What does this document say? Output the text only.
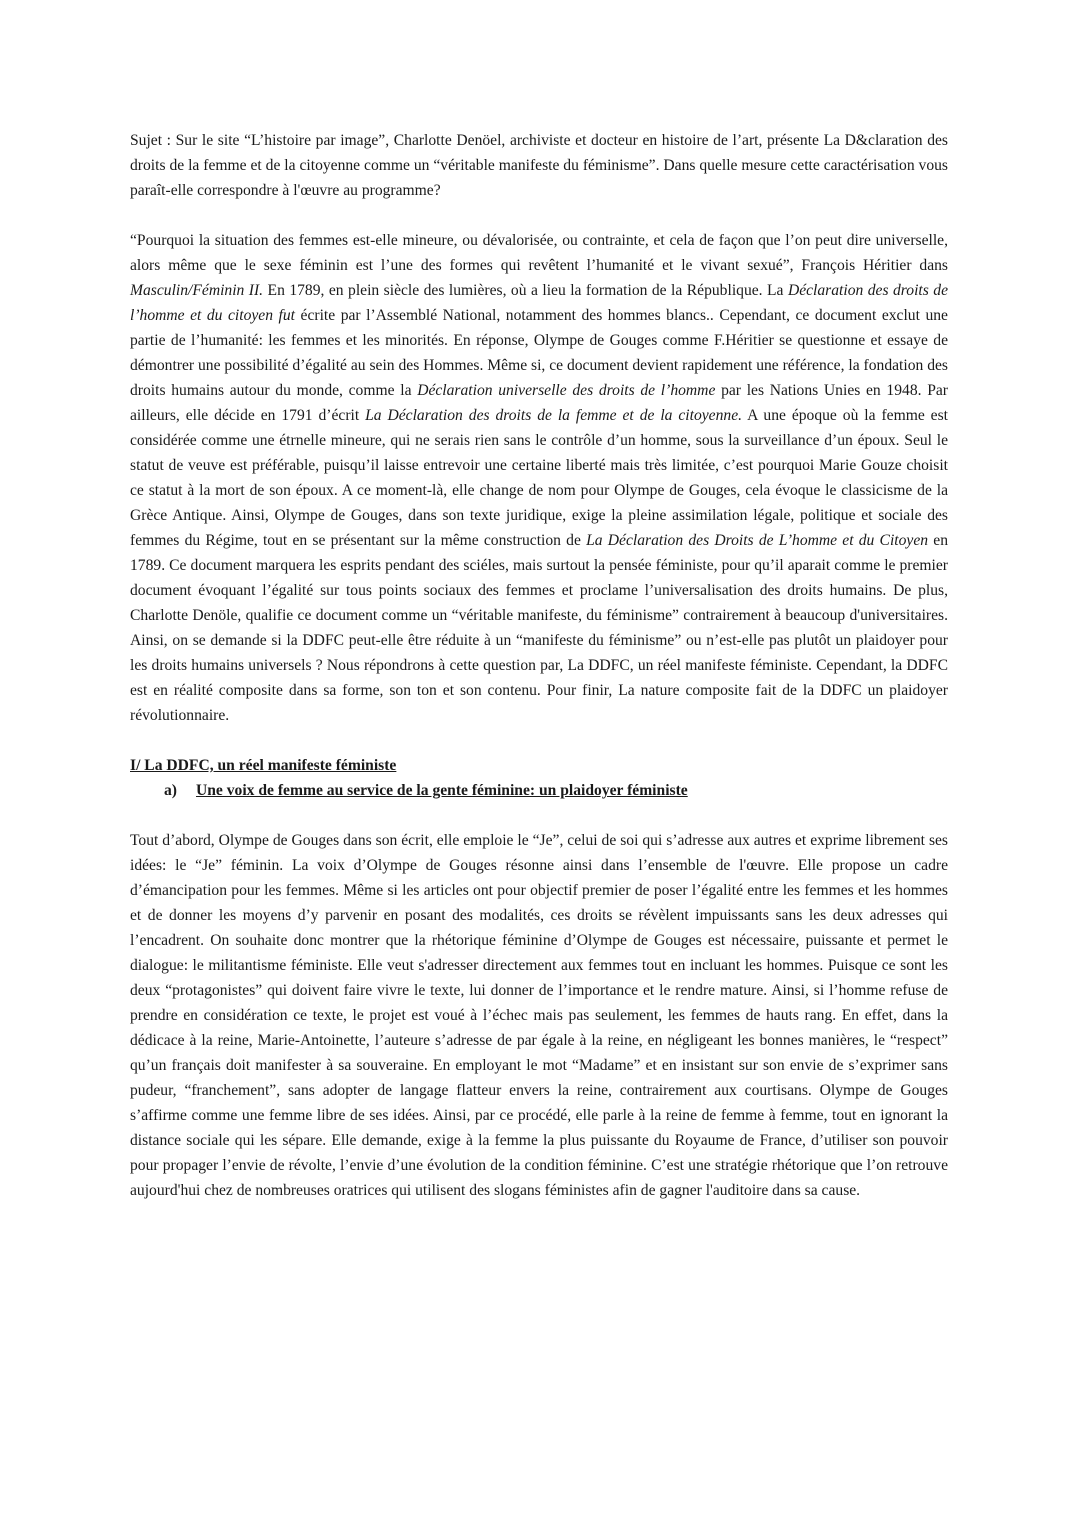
Sujet : Sur le site “L’histoire par image”, Charlotte Denöel, archiviste et docteur en histoire de l’art, présente La D&claration des droits de la femme et de la citoyenne comme un “véritable manifeste du féminisme”. Dans quelle mesure cette caractérisation vous paraît-elle correspondre à l'œuvre au programme?

“Pourquoi la situation des femmes est-elle mineure, ou dévalorisée, ou contrainte, et cela de façon que l’on peut dire universelle, alors même que le sexe féminin est l’une des formes qui revêtent l’humanité et le vivant sexué”, François Héritier dans Masculin/Féminin II. En 1789, en plein siècle des lumières, où a lieu la formation de la République. La Déclaration des droits de l’homme et du citoyen fut écrite par l’Assemblé National, notamment des hommes blancs.. Cependant, ce document exclut une partie de l’humanité: les femmes et les minorités. En réponse, Olympe de Gouges comme F.Héritier se questionne et essaye de démontrer une possibilité d’égalité au sein des Hommes. Même si, ce document devient rapidement une référence, la fondation des droits humains autour du monde, comme la Déclaration universelle des droits de l’homme par les Nations Unies en 1948. Par ailleurs, elle décide en 1791 d’écrit La Déclaration des droits de la femme et de la citoyenne. A une époque où la femme est considérée comme une étrnelle mineure, qui ne serais rien sans le contrôle d’un homme, sous la surveillance d’un époux. Seul le statut de veuve est préférable, puisqu’il laisse entrevoir une certaine liberté mais très limitée, c’est pourquoi Marie Gouze choisit ce statut à la mort de son époux. A ce moment-là, elle change de nom pour Olympe de Gouges, cela évoque le classicisme de la Grèce Antique. Ainsi, Olympe de Gouges, dans son texte juridique, exige la pleine assimilation légale, politique et sociale des femmes du Régime, tout en se présentant sur la même construction de La Déclaration des Droits de L’homme et du Citoyen en 1789. Ce document marquera les esprits pendant des sciéles, mais surtout la pensée féministe, pour qu’il aparait comme le premier document évoquant l’égalité sur tous points sociaux des femmes et proclame l’universalisation des droits humains. De plus, Charlotte Denöle, qualifie ce document comme un “véritable manifeste, du féminisme” contrairement à beaucoup d'universitaires. Ainsi, on se demande si la DDFC peut-elle être réduite à un “manifeste du féminisme” ou n’est-elle pas plutôt un plaidoyer pour les droits humains universels ? Nous répondrons à cette question par, La DDFC, un réel manifeste féministe. Cependant, la DDFC est en réalité composite dans sa forme, son ton et son contenu. Pour finir, La nature composite fait de la DDFC un plaidoyer révolutionnaire.

I/ La DDFC, un réel manifeste féministe

a) Une voix de femme au service de la gente féminine: un plaidoyer féministe

Tout d’abord, Olympe de Gouges dans son écrit, elle emploie le “Je”, celui de soi qui s’adresse aux autres et exprime librement ses idées: le “Je” féminin. La voix d’Olympe de Gouges résonne ainsi dans l’ensemble de l'œuvre. Elle propose un cadre d’émancipation pour les femmes. Même si les articles ont pour objectif premier de poser l’égalité entre les femmes et les hommes et de donner les moyens d’y parvenir en posant des modalités, ces droits se révèlent impuissants sans les deux adresses qui l’encadrent. On souhaite donc montrer que la rhétorique féminine d’Olympe de Gouges est nécessaire, puissante et permet le dialogue: le militantisme féministe. Elle veut s'adresser directement aux femmes tout en incluant les hommes. Puisque ce sont les deux “protagonistes” qui doivent faire vivre le texte, lui donner de l’importance et le rendre mature. Ainsi, si l’homme refuse de prendre en considération ce texte, le projet est voué à l’échec mais pas seulement, les femmes de hauts rang. En effet, dans la dédicace à la reine, Marie-Antoinette, l’auteure s’adresse de par égale à la reine, en négligeant les bonnes manières, le “respect” qu’un français doit manifester à sa souveraine. En employant le mot “Madame” et en insistant sur son envie de s’exprimer sans pudeur, “franchement”, sans adopter de langage flatteur envers la reine, contrairement aux courtisans. Olympe de Gouges s’affirme comme une femme libre de ses idées. Ainsi, par ce procédé, elle parle à la reine de femme à femme, tout en ignorant la distance sociale qui les sépare. Elle demande, exige à la femme la plus puissante du Royaume de France, d’utiliser son pouvoir pour propager l’envie de révolte, l’envie d’une évolution de la condition féminine. C’est une stratégie rhétorique que l’on retrouve aujourd'hui chez de nombreuses oratrices qui utilisent des slogans féministes afin de gagner l'auditoire dans sa cause.
